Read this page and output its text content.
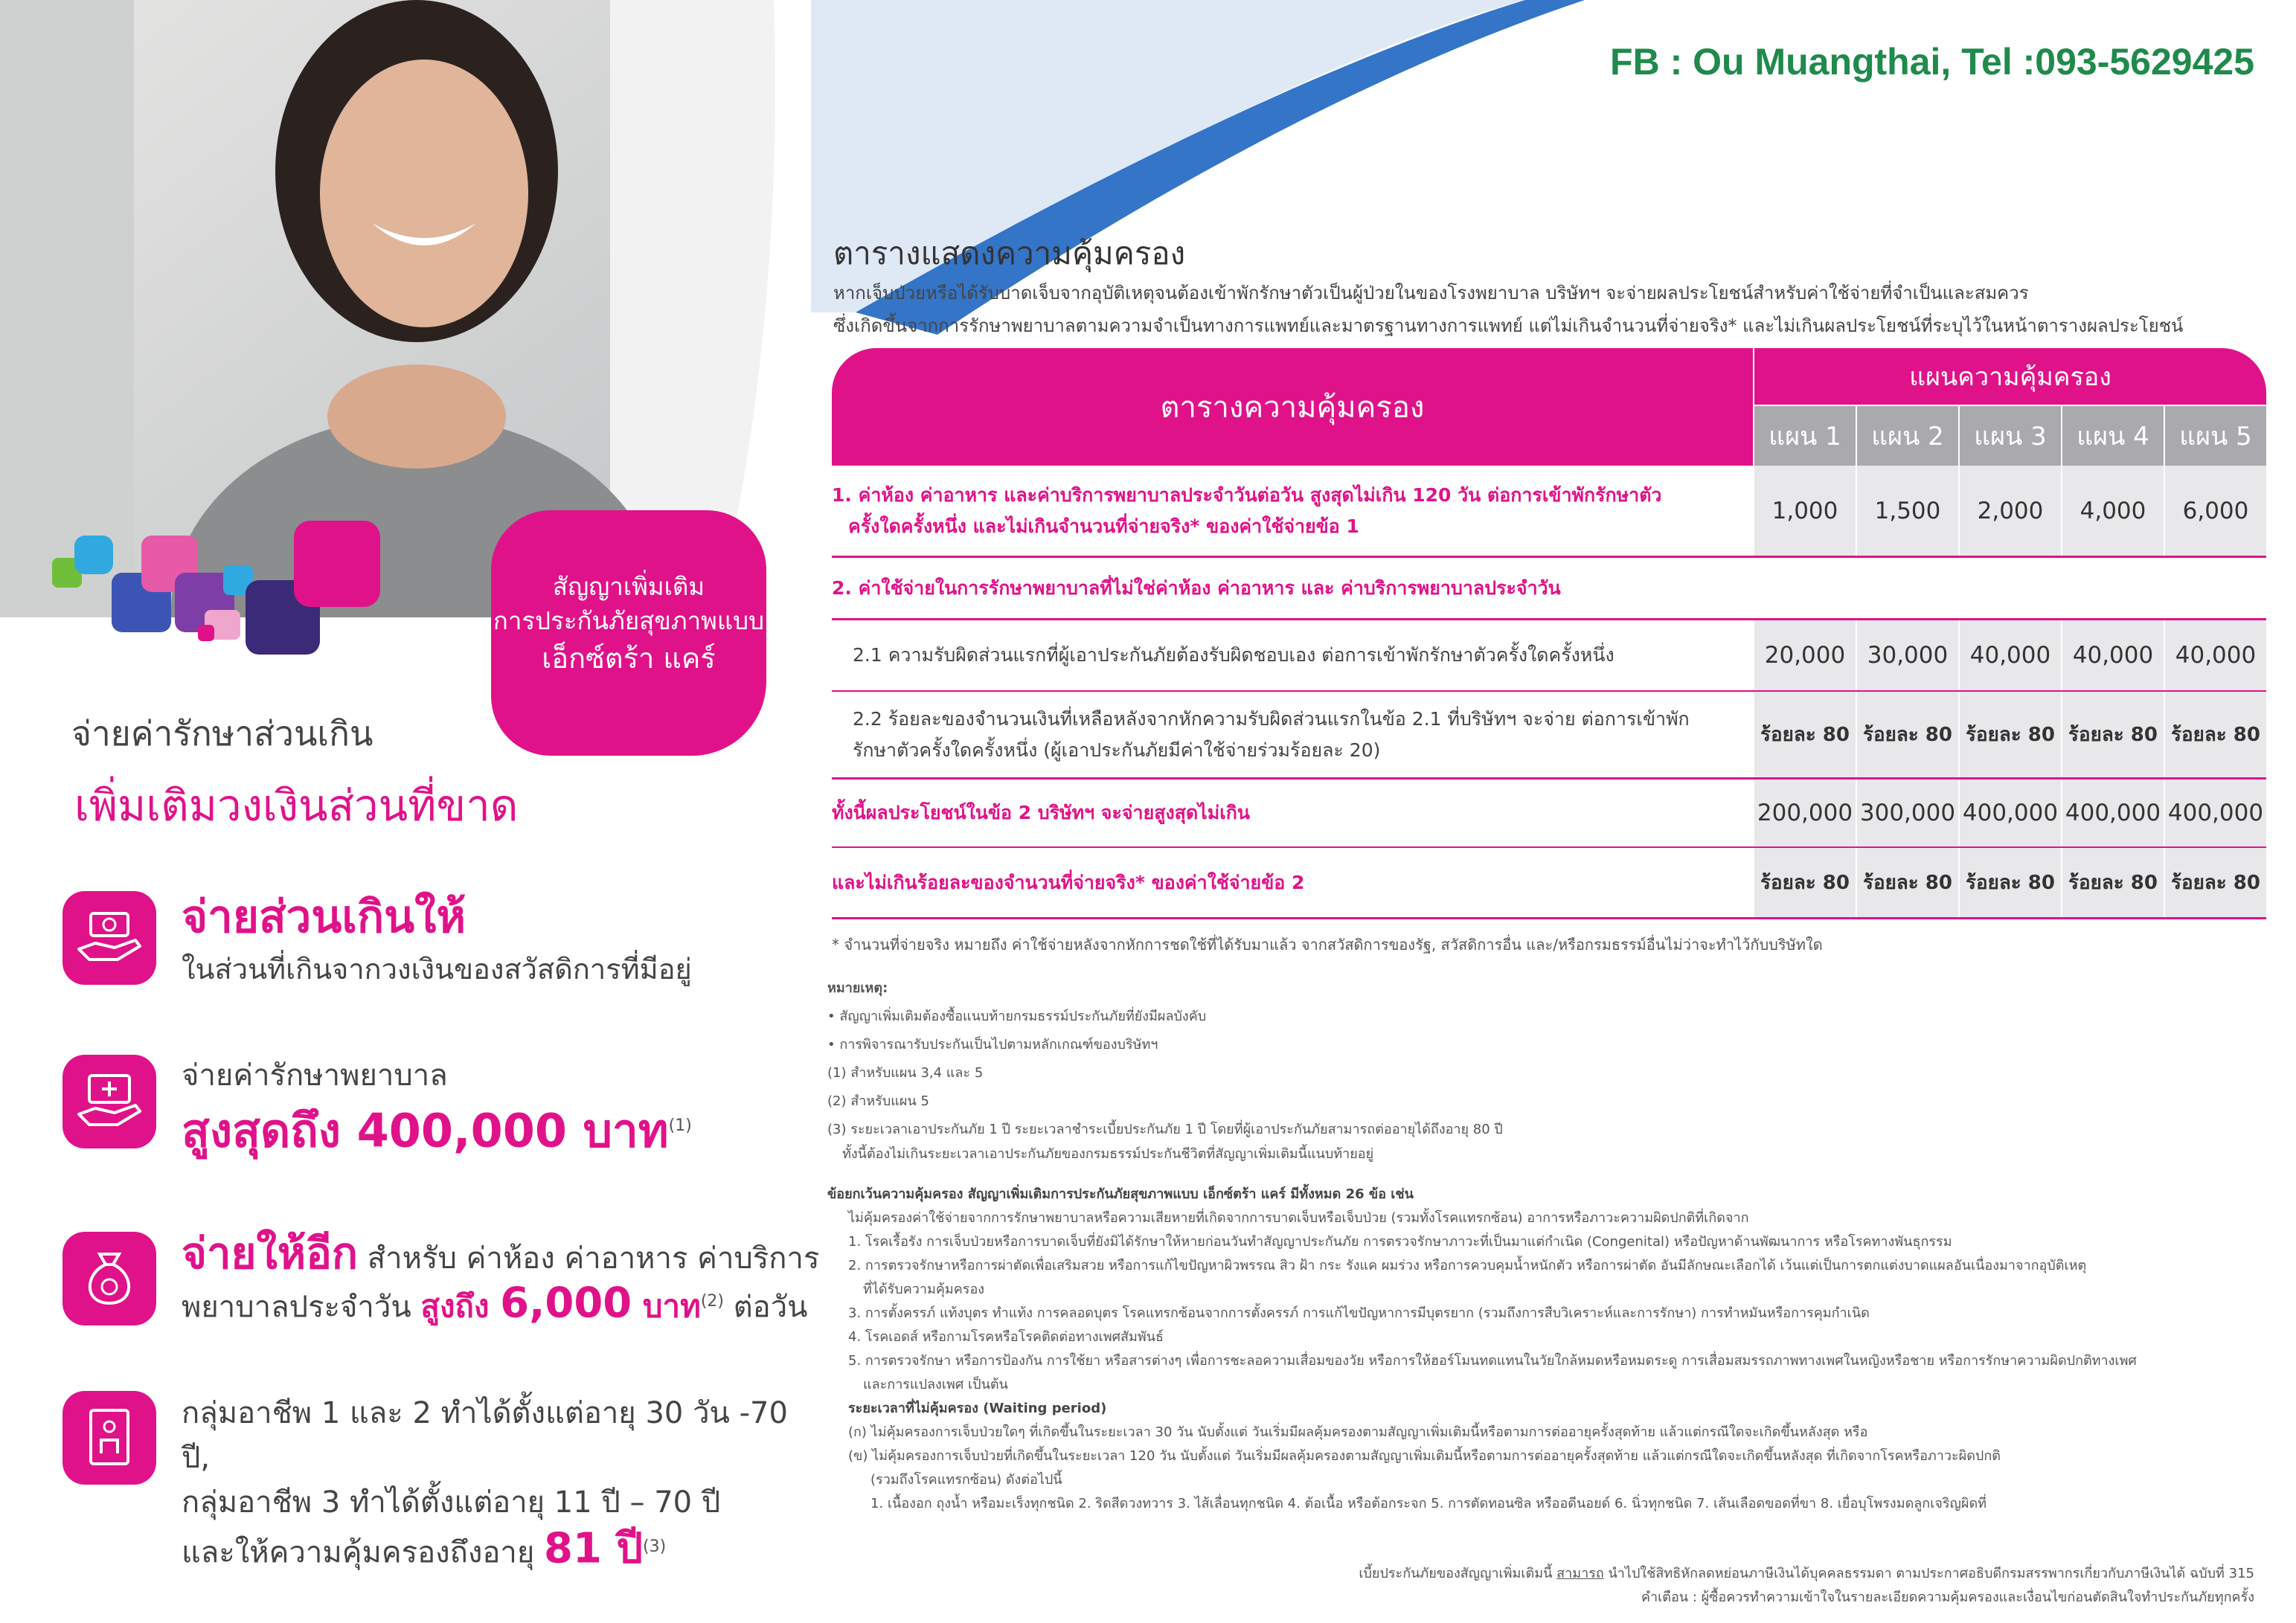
FB : Ou Muangthai, Tel :093-5629425
สัญญาเพิ่มเติม
การประกันภัยสุขภาพแบบ
เอ็กซ์ตร้า แคร์
จ่ายค่ารักษาส่วนเกิน
เพิ่มเติมวงเงินส่วนที่ขาด
จ่ายส่วนเกินให้
ในส่วนที่เกินจากวงเงินของสวัสดิการที่มีอยู่
จ่ายค่ารักษาพยาบาล
สูงสุดถึง 400,000 บาท$^{(1)}$
จ่ายให้อีก สำหรับ ค่าห้อง ค่าอาหาร ค่าบริการ
พยาบาลประจำวัน สูงถึง 6,000 บาท$^{(2)}$ ต่อวัน
กลุ่มอาชีพ 1 และ 2 ทำได้ตั้งแต่อายุ 30 วัน -70 ปี,
กลุ่มอาชีพ 3 ทำได้ตั้งแต่อายุ 11 ปี – 70 ปี
และให้ความคุ้มครองถึงอายุ 81 ปี$^{(3)}$
ตารางแสดงความคุ้มครอง
หากเจ็บป่วยหรือได้รับบาดเจ็บจากอุบัติเหตุจนต้องเข้าพักรักษาตัวเป็นผู้ป่วยในของโรงพยาบาล บริษัทฯ จะจ่ายผลประโยชน์สำหรับค่าใช้จ่ายที่จำเป็นและสมควร
ซึ่งเกิดขึ้นจากการรักษาพยาบาลตามความจำเป็นทางการแพทย์และมาตรฐานทางการแพทย์ แต่ไม่เกินจำนวนที่จ่ายจริง* และไม่เกินผลประโยชน์ที่ระบุไว้ในหน้าตารางผลประโยชน์
ตารางความคุ้มครอง
แผนความคุ้มครอง
แผน 1	แผน 2	แผน 3	แผน 4	แผน 5
1. ค่าห้อง ค่าอาหาร และค่าบริการพยาบาลประจำวันต่อวัน สูงสุดไม่เกิน 120 วัน ต่อการเข้าพักรักษาตัว
ครั้งใดครั้งหนึ่ง และไม่เกินจำนวนที่จ่ายจริง* ของค่าใช้จ่ายข้อ 1
1,000	1,500	2,000	4,000	6,000
2. ค่าใช้จ่ายในการรักษาพยาบาลที่ไม่ใช่ค่าห้อง ค่าอาหาร และ ค่าบริการพยาบาลประจำวัน
2.1 ความรับผิดส่วนแรกที่ผู้เอาประกันภัยต้องรับผิดชอบเอง ต่อการเข้าพักรักษาตัวครั้งใดครั้งหนึ่ง	20,000 30,000 40,000 40,000 40,000
2.2 ร้อยละของจำนวนเงินที่เหลือหลังจากหักความรับผิดส่วนแรกในข้อ 2.1 ที่บริษัทฯ จะจ่าย ต่อการเข้าพัก
รักษาตัวครั้งใดครั้งหนึ่ง (ผู้เอาประกันภัยมีค่าใช้จ่ายร่วมร้อยละ 20)
ร้อยละ 80 ร้อยละ 80 ร้อยละ 80 ร้อยละ 80 ร้อยละ 80
ทั้งนี้ผลประโยชน์ในข้อ 2 บริษัทฯ จะจ่ายสูงสุดไม่เกิน	200,000 300,000 400,000 400,000 400,000
และไม่เกินร้อยละของจำนวนที่จ่ายจริง* ของค่าใช้จ่ายข้อ 2	ร้อยละ 80 ร้อยละ 80 ร้อยละ 80 ร้อยละ 80 ร้อยละ 80
* จำนวนที่จ่ายจริง หมายถึง ค่าใช้จ่ายหลังจากหักการชดใช้ที่ได้รับมาแล้ว จากสวัสดิการของรัฐ, สวัสดิการอื่น และ/หรือกรมธรรม์อื่นไม่ว่าจะทำไว้กับบริษัทใด
หมายเหตุ:
• สัญญาเพิ่มเติมต้องซื้อแนบท้ายกรมธรรม์ประกันภัยที่ยังมีผลบังคับ
• การพิจารณารับประกันเป็นไปตามหลักเกณฑ์ของบริษัทฯ
(1) สำหรับแผน 3,4 และ 5
(2) สำหรับแผน 5
(3) ระยะเวลาเอาประกันภัย 1 ปี ระยะเวลาชำระเบี้ยประกันภัย 1 ปี โดยที่ผู้เอาประกันภัยสามารถต่ออายุได้ถึงอายุ 80 ปี
ทั้งนี้ต้องไม่เกินระยะเวลาเอาประกันภัยของกรมธรรม์ประกันชีวิตที่สัญญาเพิ่มเติมนี้แนบท้ายอยู่
ข้อยกเว้นความคุ้มครอง สัญญาเพิ่มเติมการประกันภัยสุขภาพแบบ เอ็กซ์ตร้า แคร์ มีทั้งหมด 26 ข้อ เช่น
ไม่คุ้มครองค่าใช้จ่ายจากการรักษาพยาบาลหรือความเสียหายที่เกิดจากการบาดเจ็บหรือเจ็บป่วย (รวมทั้งโรคแทรกซ้อน) อาการหรือภาวะความผิดปกติที่เกิดจาก
1. โรคเรื้อรัง การเจ็บป่วยหรือการบาดเจ็บที่ยังมิได้รักษาให้หายก่อนวันทำสัญญาประกันภัย การตรวจรักษาภาวะที่เป็นมาแต่กำเนิด (Congenital) หรือปัญหาด้านพัฒนาการ หรือโรคทางพันธุกรรม
2. การตรวจรักษาหรือการผ่าตัดเพื่อเสริมสวย หรือการแก้ไขปัญหาผิวพรรณ สิว ฝ้า กระ รังแค ผมร่วง หรือการควบคุมน้ำหนักตัว หรือการผ่าตัด อันมีลักษณะเลือกได้ เว้นแต่เป็นการตกแต่งบาดแผลอันเนื่องมาจากอุบัติเหตุ
ที่ได้รับความคุ้มครอง
3. การตั้งครรภ์ แท้งบุตร ทำแท้ง การคลอดบุตร โรคแทรกซ้อนจากการตั้งครรภ์ การแก้ไขปัญหาการมีบุตรยาก (รวมถึงการสืบวิเคราะห์และการรักษา) การทำหมันหรือการคุมกำเนิด
4. โรคเอดส์ หรือกามโรคหรือโรคติดต่อทางเพศสัมพันธ์
5. การตรวจรักษา หรือการป้องกัน การใช้ยา หรือสารต่างๆ เพื่อการชะลอความเสื่อมของวัย หรือการให้ฮอร์โมนทดแทนในวัยใกล้หมดหรือหมดระดู การเสื่อมสมรรถภาพทางเพศในหญิงหรือชาย หรือการรักษาความผิดปกติทางเพศ
และการแปลงเพศ เป็นต้น
ระยะเวลาที่ไม่คุ้มครอง (Waiting period)
(ก) ไม่คุ้มครองการเจ็บป่วยใดๆ ที่เกิดขึ้นในระยะเวลา 30 วัน นับตั้งแต่ วันเริ่มมีผลคุ้มครองตามสัญญาเพิ่มเติมนี้หรือตามการต่ออายุครั้งสุดท้าย แล้วแต่กรณีใดจะเกิดขึ้นหลังสุด หรือ
(ข) ไม่คุ้มครองการเจ็บป่วยที่เกิดขึ้นในระยะเวลา 120 วัน นับตั้งแต่ วันเริ่มมีผลคุ้มครองตามสัญญาเพิ่มเติมนี้หรือตามการต่ออายุครั้งสุดท้าย แล้วแต่กรณีใดจะเกิดขึ้นหลังสุด ที่เกิดจากโรคหรือภาวะผิดปกติ
(รวมถึงโรคแทรกซ้อน) ดังต่อไปนี้
1. เนื้องอก ถุงน้ำ หรือมะเร็งทุกชนิด 2. ริดสีดวงทวาร 3. ไส้เลื่อนทุกชนิด 4. ต้อเนื้อ หรือต้อกระจก 5. การตัดทอนซิล หรืออดีนอยด์ 6. นิ่วทุกชนิด 7. เส้นเลือดขอดที่ขา 8. เยื่อบุโพรงมดลูกเจริญผิดที่
เบี้ยประกันภัยของสัญญาเพิ่มเติมนี้ สามารถ นำไปใช้สิทธิหักลดหย่อนภาษีเงินได้บุคคลธรรมดา ตามประกาศอธิบดีกรมสรรพากรเกี่ยวกับภาษีเงินได้ ฉบับที่ 315
คำเตือน : ผู้ซื้อควรทำความเข้าใจในรายละเอียดความคุ้มครองและเงื่อนไขก่อนตัดสินใจทำประกันภัยทุกครั้ง
